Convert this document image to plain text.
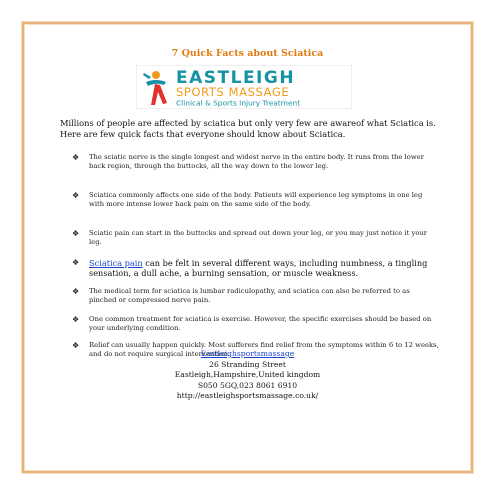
7 Quick Facts about Sciatica
EASTLEIGH
SPORTS MASSAGE
Clinical & Sports Injury Treatment
Millions of people are affected by sciatica but only very few are awareof what Sciatica is. Here are few quick facts that everyone should know about Sciatica.
❖ The sciatic nerve is the single longest and widest nerve in the entire body. It runs from the lower back region, through the buttocks, all the way down to the lower leg.
❖ Sciatica commonly affects one side of the body. Patients will experience leg symptoms in one leg with more intense lower back pain on the same side of the body.
❖ Sciatic pain can start in the buttocks and spread out down your leg, or you may just notice it your leg.
❖ Sciatica pain can be felt in several different ways, including numbness, a tingling sensation, a dull ache, a burning sensation, or muscle weakness.
❖ The medical term for sciatica is lumbar radiculopathy, and sciatica can also be referred to as pinched or compressed nerve pain.
❖ One common treatment for sciatica is exercise. However, the specific exercises should be based on your underlying condition.
❖ Relief can usually happen quickly. Most sufferers find relief from the symptoms within 6 to 12 weeks, and do not require surgical intervention.
Eastleighsportsmassage
26 Stranding Street
Eastleigh,Hampshire,United kingdom
S050 5GQ,023 8061 6910
http://eastleighsportsmassage.co.uk/
